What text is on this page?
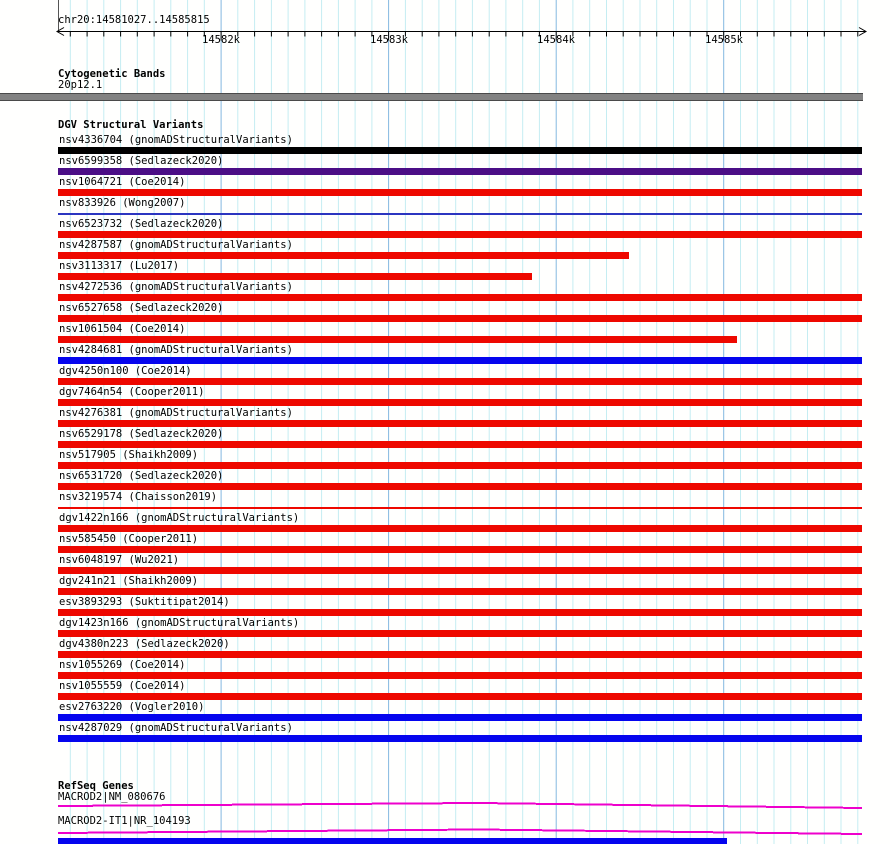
chr20:14581027..14585815
Cytogenetic Bands
20p12.1
DGV Structural Variants
RefSeq Genes
14582k	14583k	14584k	14585k
nsv4336704 (gnomADStructuralVariants)
nsv6599358 (Sedlazeck2020)
nsv1064721 (Coe2014)
nsv833926 (Wong2007)
nsv6523732 (Sedlazeck2020)
nsv4287587 (gnomADStructuralVariants)
nsv3113317 (Lu2017)
nsv4272536 (gnomADStructuralVariants)
nsv6527658 (Sedlazeck2020)
nsv1061504 (Coe2014)
nsv4284681 (gnomADStructuralVariants)
dgv4250n100 (Coe2014)
dgv7464n54 (Cooper2011)
nsv4276381 (gnomADStructuralVariants)
nsv6529178 (Sedlazeck2020)
nsv517905 (Shaikh2009)
nsv6531720 (Sedlazeck2020)
nsv3219574 (Chaisson2019)
dgv1422n166 (gnomADStructuralVariants)
nsv585450 (Cooper2011)
nsv6048197 (Wu2021)
dgv241n21 (Shaikh2009)
esv3893293 (Suktitipat2014)
dgv1423n166 (gnomADStructuralVariants)
dgv4380n223 (Sedlazeck2020)
nsv1055269 (Coe2014)
nsv1055559 (Coe2014)
esv2763220 (Vogler2010)
nsv4287029 (gnomADStructuralVariants)
MACROD2|NM_080676
MACROD2-IT1|NR_104193
